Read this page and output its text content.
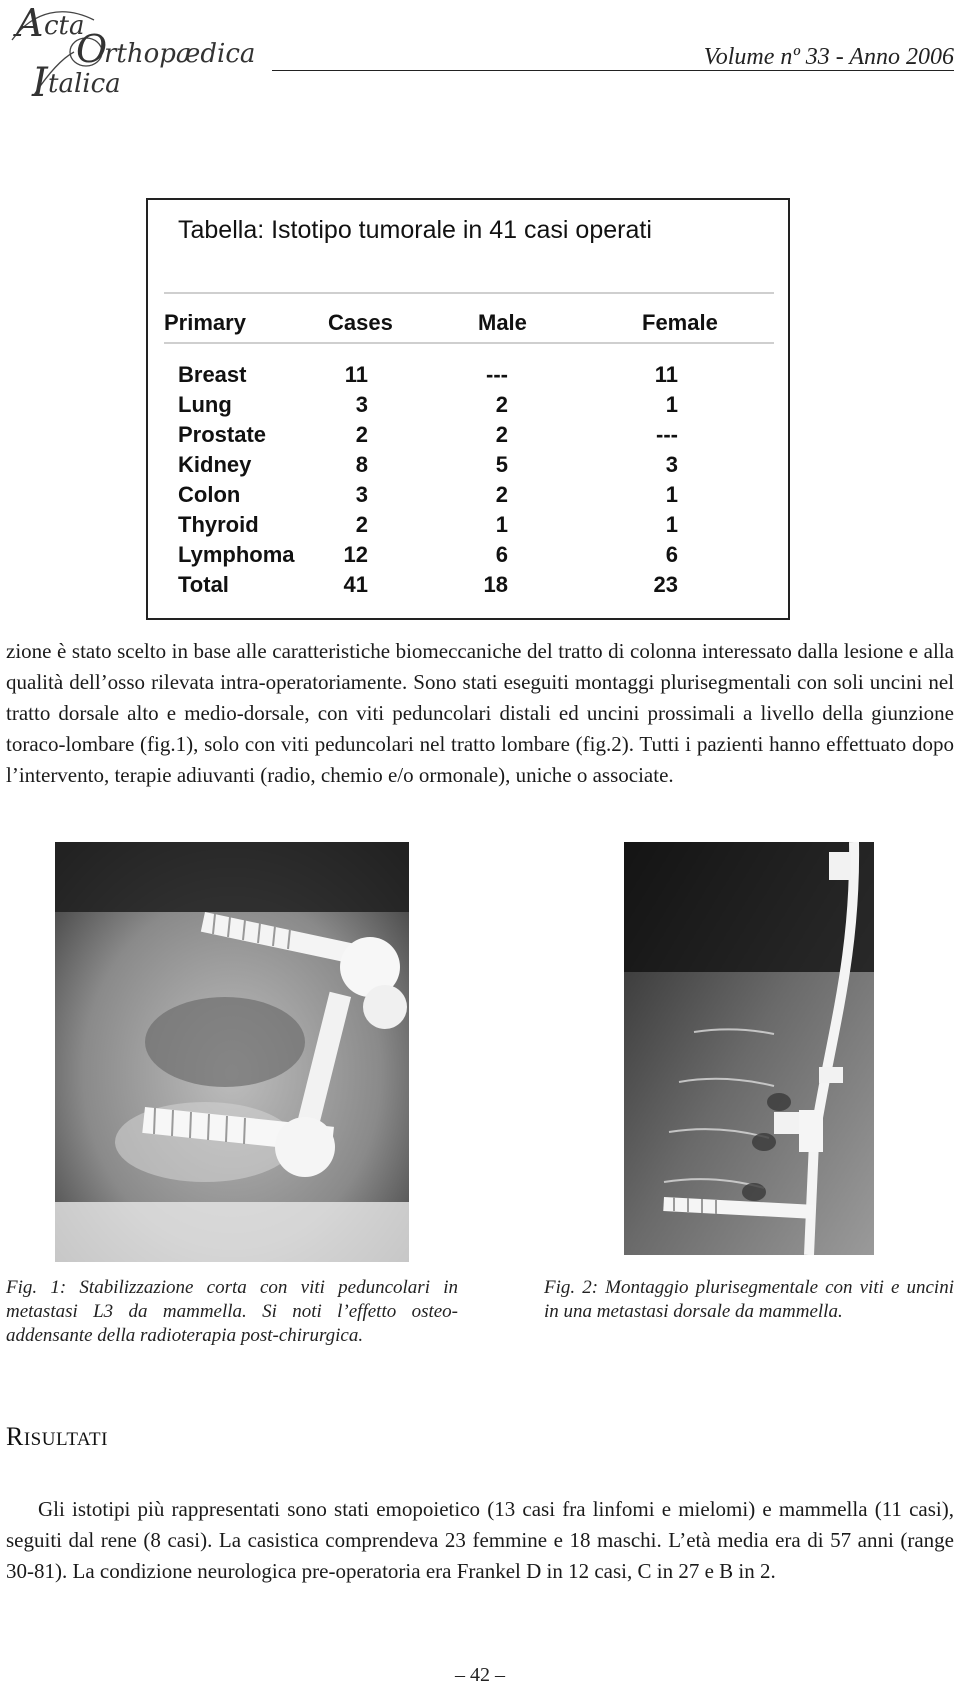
A cta
O
rthopædica
I talica
Volume nº 33 - Anno 2006
Tabella: Istotipo tumorale in 41 casi operati
Primary	Cases	Male	Female
Breast	11	---	11
Lung	3	2	1
Prostate	2	2	---
Kidney	8	5	3
Colon	3	2	1
Thyroid	2	1	1
Lymphoma	12	6	6
Total	41	18	23

zione è stato scelto in base alle caratteristiche biomeccaniche del tratto di colonna interessato dalla lesione e alla qualità dell’osso rilevata intra-operatoriamente. Sono stati eseguiti montaggi plurisegmentali con soli uncini nel tratto dorsale alto e medio-dorsale, con viti peduncolari distali ed uncini prossimali a livello della giunzione toraco-lombare (fig.1), solo con viti peduncolari nel tratto lombare (fig.2). Tutti i pazienti hanno effettuato dopo l’intervento, terapie adiuvanti (radio, chemio e/o ormonale), uniche o associate.

Fig. 1: Stabilizzazione corta con viti peduncolari in metastasi L3 da mammella. Si noti l’effetto osteo-addensante della radioterapia post-chirurgica.
Fig. 2: Montaggio plurisegmentale con viti e uncini in una metastasi dorsale da mammella.
RISULTATI

Gli istotipi più rappresentati sono stati emopoietico (13 casi fra linfomi e mielomi) e mammella (11 casi), seguiti dal rene (8 casi). La casistica comprendeva 23 femmine e 18 maschi. L’età media era di 57 anni (range 30-81). La condizione neurologica pre-operatoria era Frankel D in 12 casi, C in 27 e B in 2.

– 42 –
